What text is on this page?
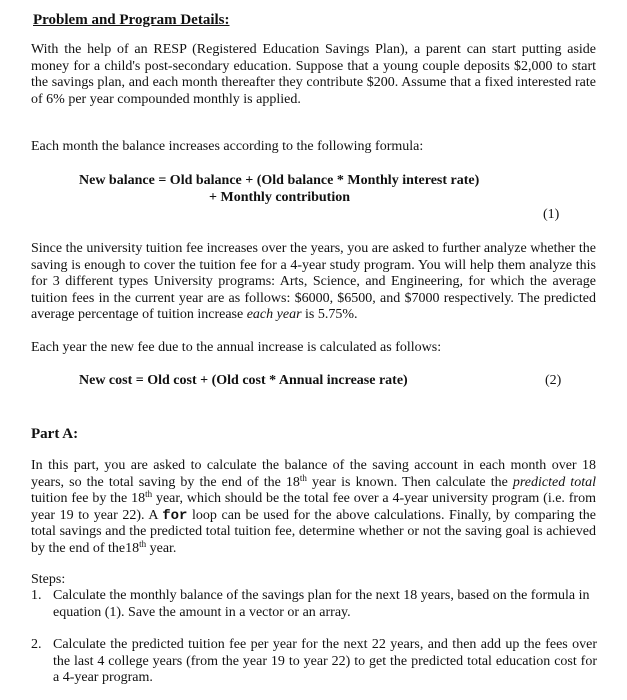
Problem and Program Details:

With the help of an RESP (Registered Education Savings Plan), a parent can start putting aside money for a child's post-secondary education. Suppose that a young couple deposits $2,000 to start the savings plan, and each month thereafter they contribute $200. Assume that a fixed interested rate of 6% per year compounded monthly is applied.

Each month the balance increases according to the following formula:

New balance = Old balance + (Old balance * Monthly interest rate)
+ Monthly contribution
(1)

Since the university tuition fee increases over the years, you are asked to further analyze whether the saving is enough to cover the tuition fee for a 4-year study program. You will help them analyze this for 3 different types University programs: Arts, Science, and Engineering, for which the average tuition fees in the current year are as follows: $6000, $6500, and $7000 respectively. The predicted average percentage of tuition increase each year is 5.75%.

Each year the new fee due to the annual increase is calculated as follows:

New cost = Old cost + (Old cost * Annual increase rate)	(2)
Part A:

In this part, you are asked to calculate the balance of the saving account in each month over 18 years, so the total saving by the end of the 18th year is known. Then calculate the predicted total tuition fee by the 18th year, which should be the total fee over a 4-year university program (i.e. from year 19 to year 22). A for loop can be used for the above calculations. Finally, by comparing the total savings and the predicted total tuition fee, determine whether or not the saving goal is achieved by the end of the18th year.

Steps:

1. Calculate the monthly balance of the savings plan for the next 18 years, based on the formula in equation (1). Save the amount in a vector or an array.
2. Calculate the predicted tuition fee per year for the next 22 years, and then add up the fees over the last 4 college years (from the year 19 to year 22) to get the predicted total education cost for a 4-year program.
